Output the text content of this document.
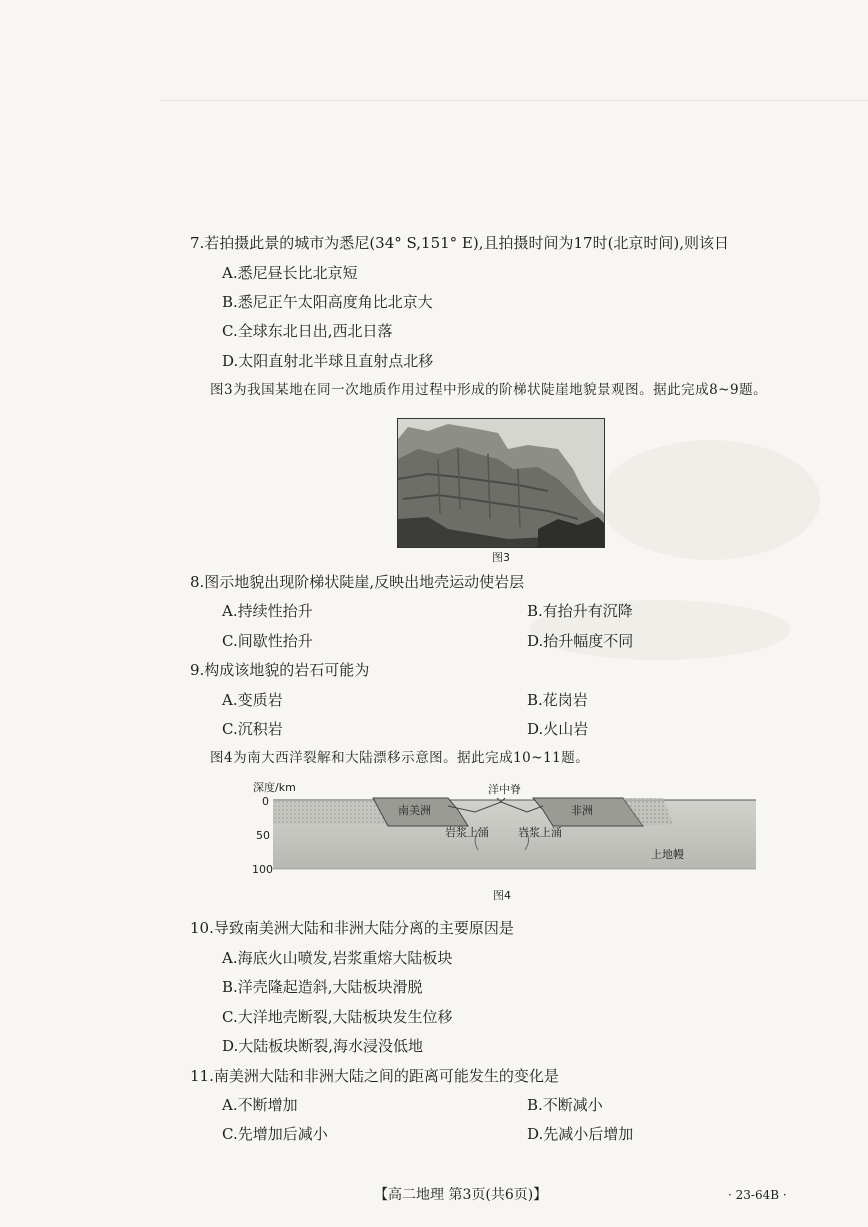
7.若拍摄此景的城市为悉尼(34° S,151° E),且拍摄时间为17时(北京时间),则该日
A.悉尼昼长比北京短
B.悉尼正午太阳高度角比北京大
C.全球东北日出,西北日落
D.太阳直射北半球且直射点北移
图3为我国某地在同一次地质作用过程中形成的阶梯状陡崖地貌景观图。据此完成8~9题。
图3
8.图示地貌出现阶梯状陡崖,反映出地壳运动使岩层
A.持续性抬升	B.有抬升有沉降
C.间歇性抬升	D.抬升幅度不同
9.构成该地貌的岩石可能为
A.变质岩	B.花岗岩
C.沉积岩	D.火山岩
图4为南大西洋裂解和大陆漂移示意图。据此完成10~11题。
深度/km	洋中脊
南美洲	非洲
岩浆上涌	岩浆上涌
上地幔
0
50
100
图4
10.导致南美洲大陆和非洲大陆分离的主要原因是
A.海底火山喷发,岩浆重熔大陆板块
B.洋壳隆起造斜,大陆板块滑脱
C.大洋地壳断裂,大陆板块发生位移
D.大陆板块断裂,海水浸没低地
11.南美洲大陆和非洲大陆之间的距离可能发生的变化是
A.不断增加	B.不断减小
C.先增加后减小	D.先减小后增加
【高二地理 第3页(共6页)】	· 23-64B ·
